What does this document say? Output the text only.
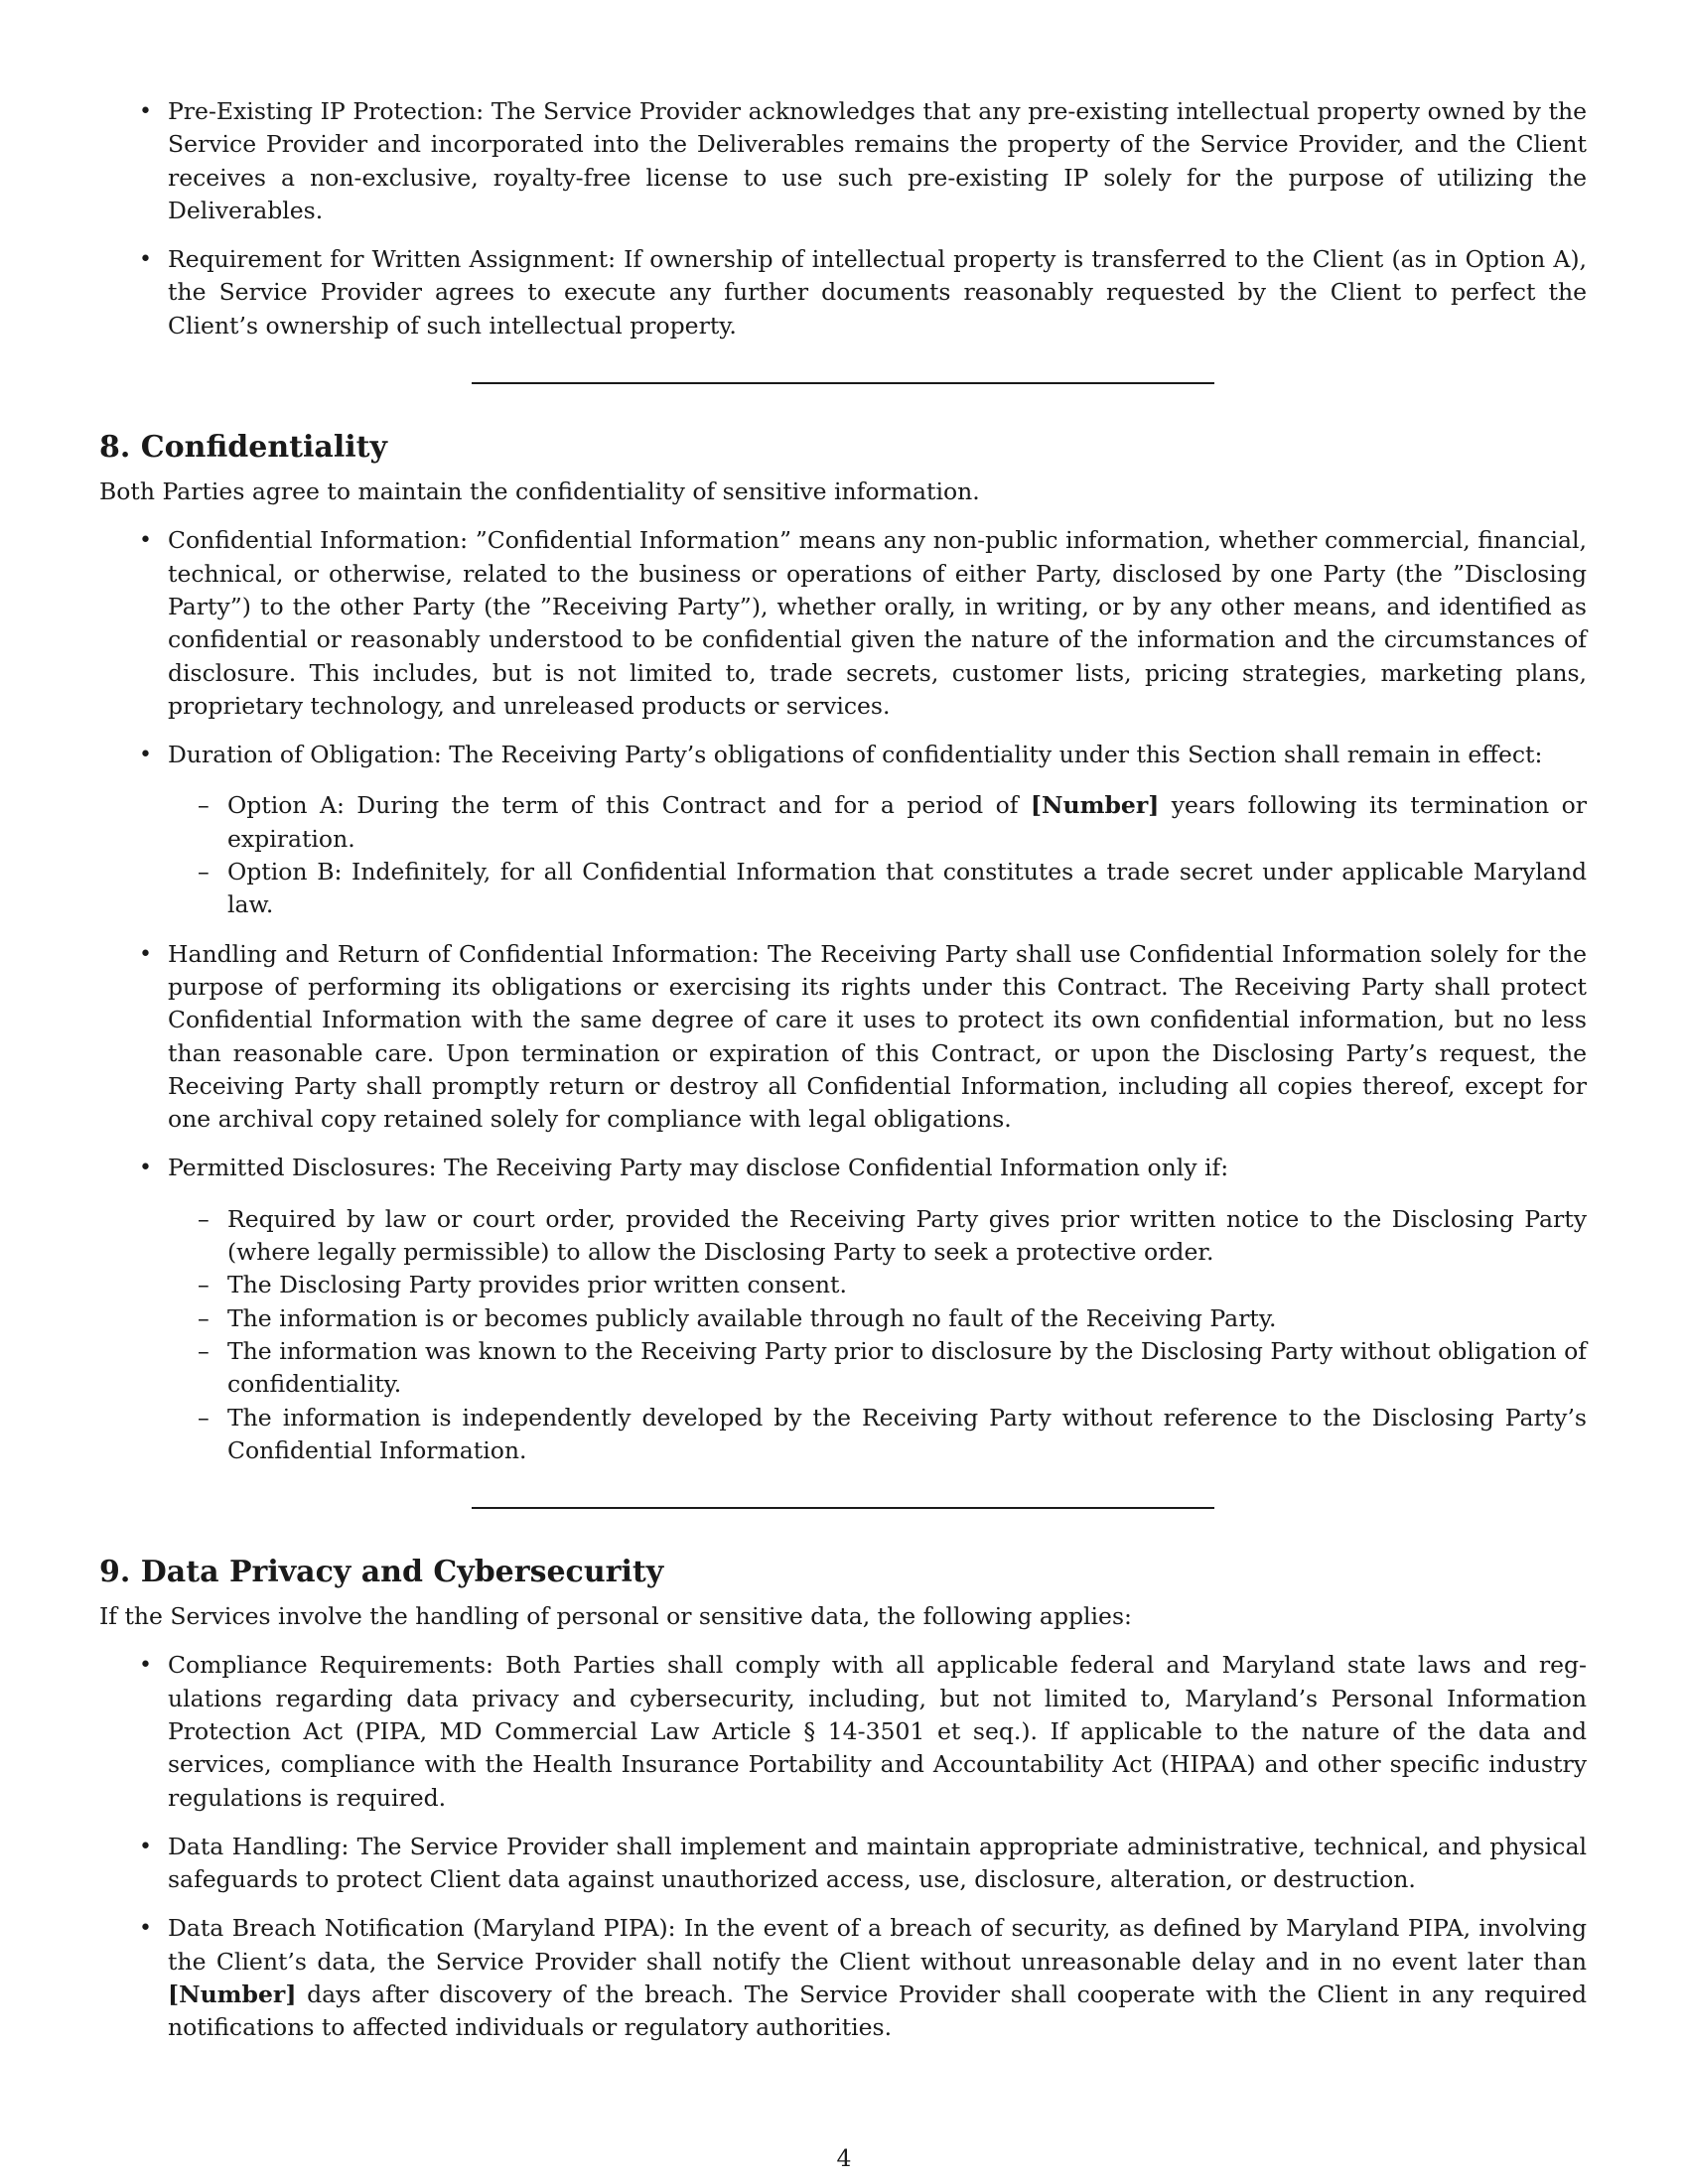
• Pre-Existing IP Protection: The Service Provider acknowledges that any pre-existing intellectual property owned by the Service Provider and incorporated into the Deliverables remains the property of the Service Provider, and the Client receives a non-exclusive, royalty-free license to use such pre-existing IP solely for the purpose of utilizing the Deliverables.
• Requirement for Written Assignment: If ownership of intellectual property is transferred to the Client (as in Option A), the Service Provider agrees to execute any further documents reasonably requested by the Client to perfect the Client’s ownership of such intellectual property.
8. Confidentiality

Both Parties agree to maintain the confidentiality of sensitive information.

• Confidential Information: ”Confidential Information” means any non-public information, whether commercial, financial, technical, or otherwise, related to the business or operations of either Party, disclosed by one Party (the ”Disclosing Party”) to the other Party (the ”Receiving Party”), whether orally, in writing, or by any other means, and identified as confidential or reasonably understood to be confidential given the nature of the information and the circumstances of disclosure. This includes, but is not limited to, trade secrets, customer lists, pricing strategies, marketing plans, proprietary technology, and unreleased products or services.
• Duration of Obligation: The Receiving Party’s obligations of confidentiality under this Section shall remain in effect:
– Option A: During the term of this Contract and for a period of [Number] years following its termination or expiration.
– Option B: Indefinitely, for all Confidential Information that constitutes a trade secret under applicable Maryland law.
• Handling and Return of Confidential Information: The Receiving Party shall use Confidential Information solely for the purpose of performing its obligations or exercising its rights under this Contract. The Receiving Party shall protect Confidential Information with the same degree of care it uses to protect its own confidential information, but no less than reasonable care. Upon termination or expiration of this Contract, or upon the Disclosing Party’s request, the Receiving Party shall promptly return or destroy all Confidential Information, including all copies thereof, except for one archival copy retained solely for compliance with legal obligations.
• Permitted Disclosures: The Receiving Party may disclose Confidential Information only if:
– Required by law or court order, provided the Receiving Party gives prior written notice to the Disclosing Party (where legally permissible) to allow the Disclosing Party to seek a protective order.
– The Disclosing Party provides prior written consent.
– The information is or becomes publicly available through no fault of the Receiving Party.
– The information was known to the Receiving Party prior to disclosure by the Disclosing Party without obligation of confidentiality.
– The information is independently developed by the Receiving Party without reference to the Disclosing Party’s Confidential Information.
9. Data Privacy and Cybersecurity

If the Services involve the handling of personal or sensitive data, the following applies:

• Compliance Requirements: Both Parties shall comply with all applicable federal and Maryland state laws and regulations regarding data privacy and cybersecurity, including, but not limited to, Maryland’s Personal Information Protection Act (PIPA, MD Commercial Law Article § 14-3501 et seq.). If applicable to the nature of the data and services, compliance with the Health Insurance Portability and Accountability Act (HIPAA) and other specific industry regulations is required.
• Data Handling: The Service Provider shall implement and maintain appropriate administrative, technical, and physical safeguards to protect Client data against unauthorized access, use, disclosure, alteration, or destruction.
• Data Breach Notification (Maryland PIPA): In the event of a breach of security, as defined by Maryland PIPA, involving the Client’s data, the Service Provider shall notify the Client without unreasonable delay and in no event later than [Number] days after discovery of the breach. The Service Provider shall cooperate with the Client in any required notifications to affected individuals or regulatory authorities.
4
